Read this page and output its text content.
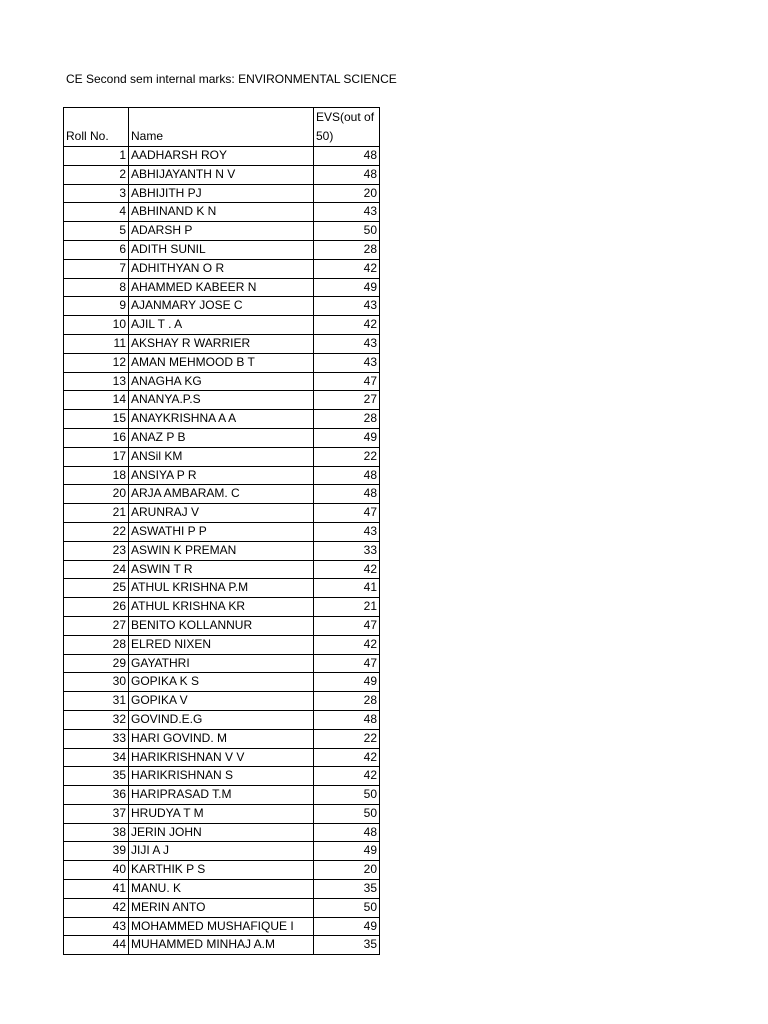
CE Second sem internal marks: ENVIRONMENTAL SCIENCE
Roll No.	Name	EVS(out of 50)
1	AADHARSH ROY	48
2	ABHIJAYANTH N V	48
3	ABHIJITH PJ	20
4	ABHINAND K N	43
5	ADARSH P	50
6	ADITH SUNIL	28
7	ADHITHYAN O R	42
8	AHAMMED KABEER N	49
9	AJANMARY JOSE C	43
10	AJIL T . A	42
11	AKSHAY R WARRIER	43
12	AMAN MEHMOOD B T	43
13	ANAGHA KG	47
14	ANANYA.P.S	27
15	ANAYKRISHNA A A	28
16	ANAZ P B	49
17	ANSil KM	22
18	ANSIYA P R	48
20	ARJA AMBARAM. C	48
21	ARUNRAJ V	47
22	ASWATHI P P	43
23	ASWIN K PREMAN	33
24	ASWIN T R	42
25	ATHUL KRISHNA P.M	41
26	ATHUL KRISHNA KR	21
27	BENITO KOLLANNUR	47
28	ELRED NIXEN	42
29	GAYATHRI	47
30	GOPIKA K S	49
31	GOPIKA V	28
32	GOVIND.E.G	48
33	HARI GOVIND. M	22
34	HARIKRISHNAN V V	42
35	HARIKRISHNAN S	42
36	HARIPRASAD T.M	50
37	HRUDYA T M	50
38	JERIN JOHN	48
39	JIJI A J	49
40	KARTHIK P S	20
41	MANU. K	35
42	MERIN ANTO	50
43	MOHAMMED MUSHAFIQUE I	49
44	MUHAMMED MINHAJ A.M	35
